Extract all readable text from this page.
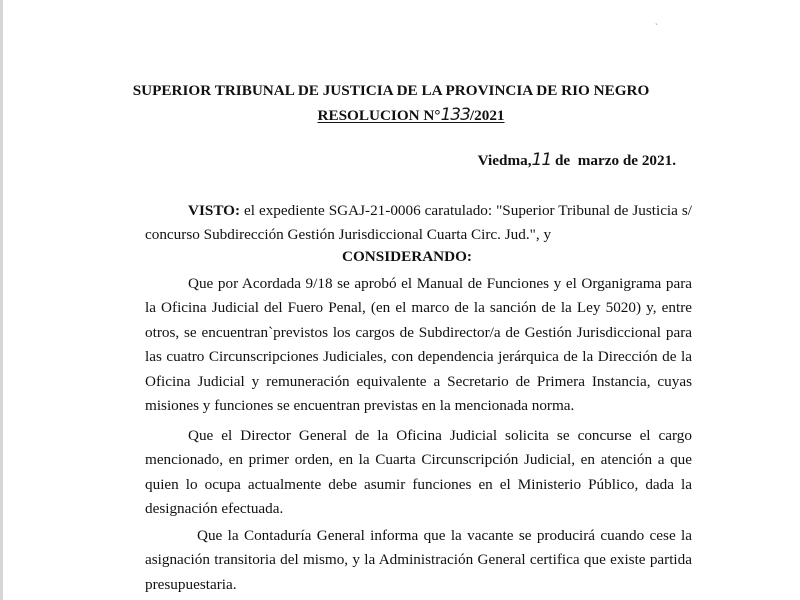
ˋ
SUPERIOR TRIBUNAL DE JUSTICIA DE LA PROVINCIA DE RIO NEGRO
RESOLUCION N°133/2021
Viedma,11 de  marzo de 2021.
VISTO: el expediente SGAJ-21-0006 caratulado: "Superior Tribunal de Justicia s/ concurso Subdirección Gestión Jurisdiccional Cuarta Circ. Jud.", y
CONSIDERANDO:
Que por Acordada 9/18 se aprobó el Manual de Funciones y el Organigrama para la Oficina Judicial del Fuero Penal, (en el marco de la sanción de la Ley 5020) y, entre otros, se encuentran`previstos los cargos de Subdirector/a de Gestión Jurisdiccional para las cuatro Circunscripciones Judiciales, con dependencia jerárquica de la Dirección de la Oficina Judicial y remuneración equivalente a Secretario de Primera Instancia, cuyas misiones y funciones se encuentran previstas en la mencionada norma.
Que el Director General de la Oficina Judicial solicita se concurse el cargo mencionado, en primer orden, en la Cuarta Circunscripción Judicial, en atención a que quien lo ocupa actualmente debe asumir funciones en el Ministerio Público, dada la designación efectuada.
Que la Contaduría General informa que la vacante se producirá cuando cese la asignación transitoria del mismo, y la Administración General certifica que existe partida presupuestaria.
